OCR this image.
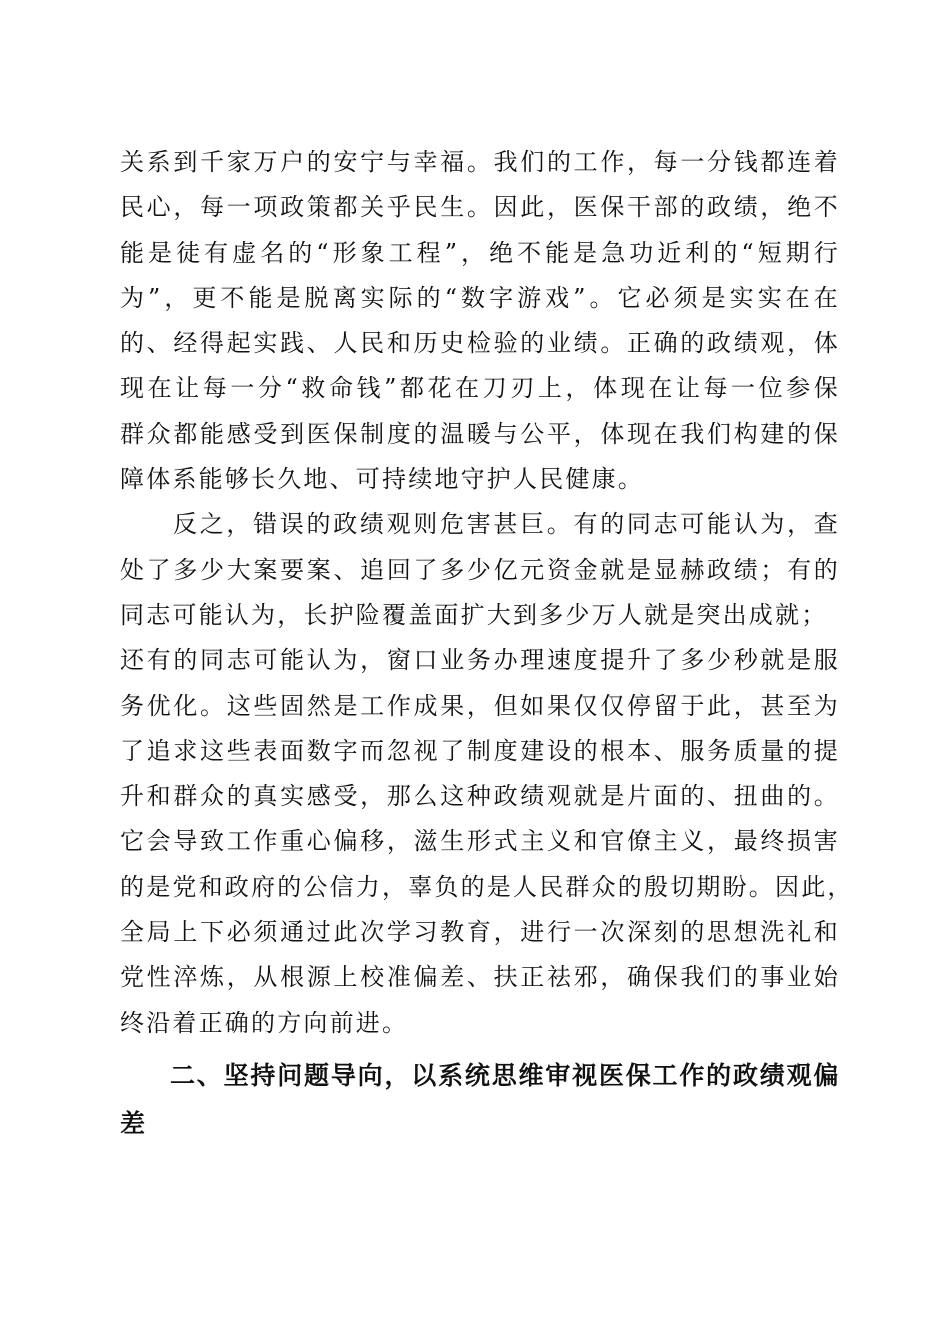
关系到千家万户的安宁与幸福。我们的工作，每一分钱都连着
民心，每一项政策都关乎民生。因此，医保干部的政绩，绝不
能是徒有虚名的“形象工程”，绝不能是急功近利的“短期行
为”，更不能是脱离实际的“数字游戏”。它必须是实实在在
的、经得起实践、人民和历史检验的业绩。正确的政绩观，体
现在让每一分“救命钱”都花在刀刃上，体现在让每一位参保
群众都能感受到医保制度的温暖与公平，体现在我们构建的保
障体系能够长久地、可持续地守护人民健康。
反之，错误的政绩观则危害甚巨。有的同志可能认为，查
处了多少大案要案、追回了多少亿元资金就是显赫政绩；有的
同志可能认为，长护险覆盖面扩大到多少万人就是突出成就；
还有的同志可能认为，窗口业务办理速度提升了多少秒就是服
务优化。这些固然是工作成果，但如果仅仅停留于此，甚至为
了追求这些表面数字而忽视了制度建设的根本、服务质量的提
升和群众的真实感受，那么这种政绩观就是片面的、扭曲的。
它会导致工作重心偏移，滋生形式主义和官僚主义，最终损害
的是党和政府的公信力，辜负的是人民群众的殷切期盼。因此，
全局上下必须通过此次学习教育，进行一次深刻的思想洗礼和
党性淬炼，从根源上校准偏差、扶正祛邪，确保我们的事业始
终沿着正确的方向前进。
二、坚持问题导向，以系统思维审视医保工作的政绩观偏
差
